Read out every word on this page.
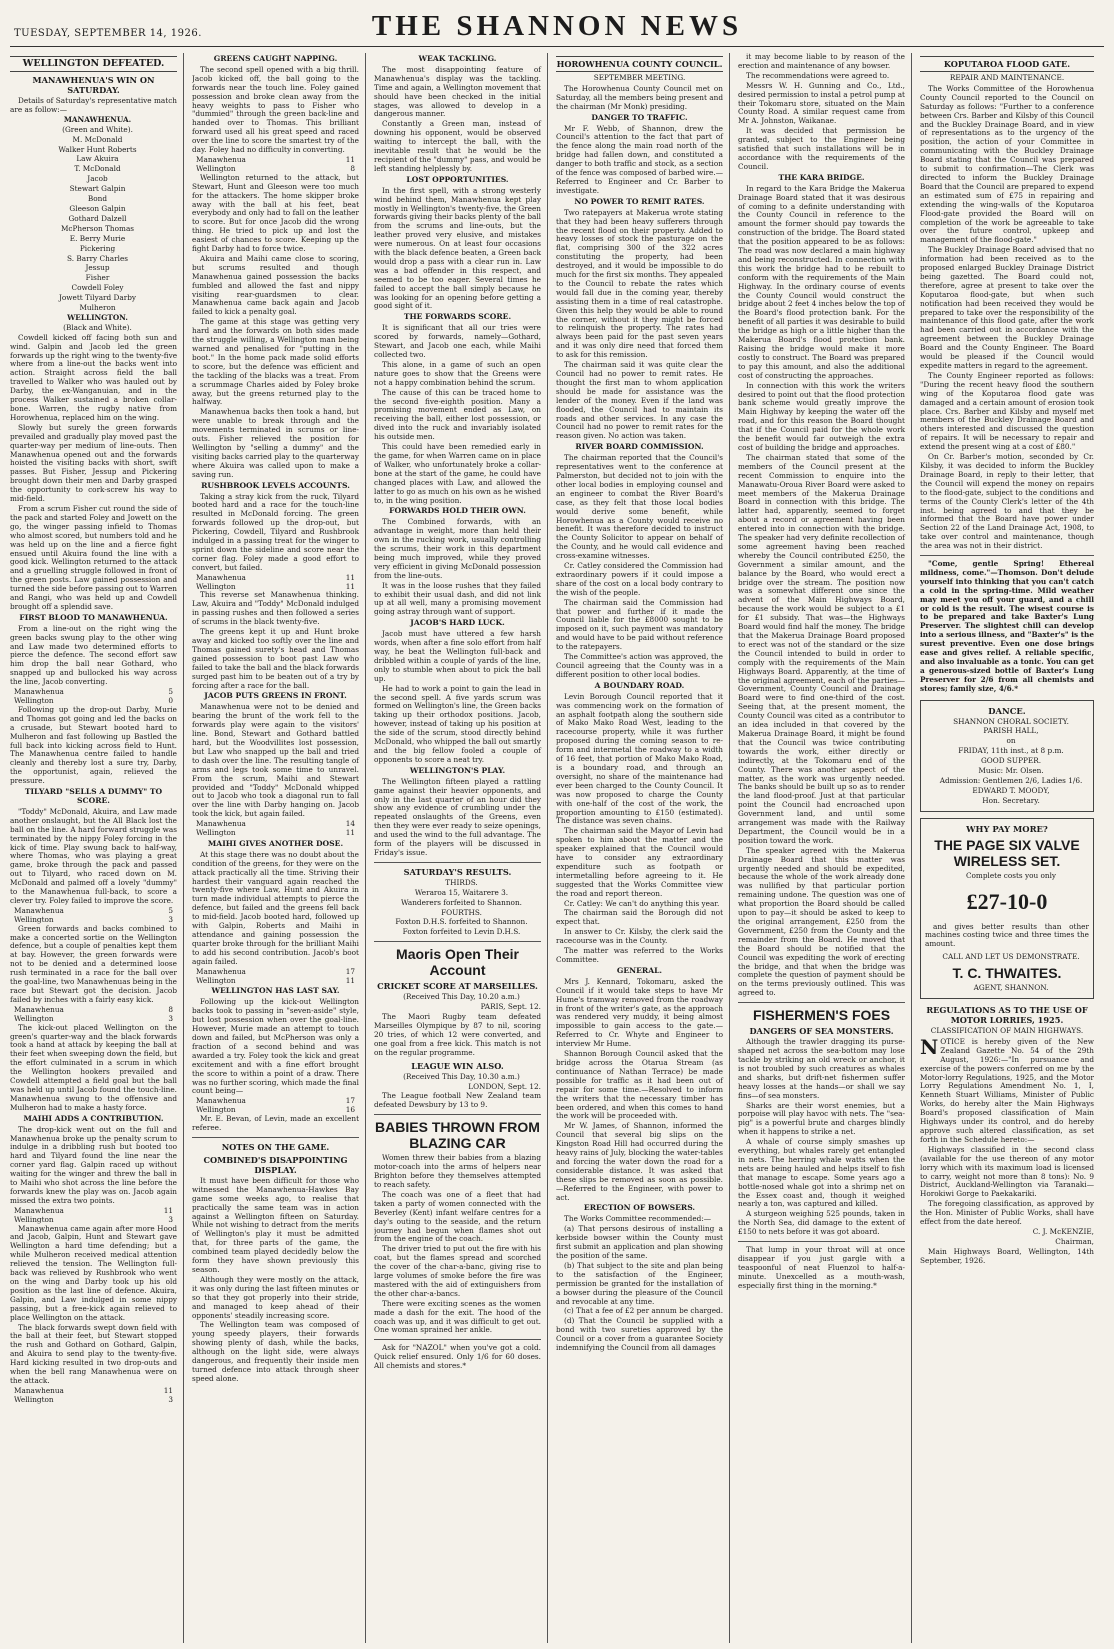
TUESDAY, SEPTEMBER 14, 1926.	THE SHANNON NEWS
WELLINGTON DEFEATED.
MANAWHENUA'S WIN ON SATURDAY.

Details of Saturday's representative match are as follow:—

MANAWHENUA.

(Green and White).

M. McDonald

Walker Hunt Roberts

Law Akuira

T. McDonald

Jacob

Stewart Galpin

Bond

Gleeson Galpin

Gothard Dalzell

McPherson Thomas

E. Berry Murie

Pickering

S. Barry Charles

Jessup

Fisher

Cowdell Foley

Jowett Tilyard Darby

Mulheron

WELLINGTON.

(Black and White).

Cowdell kicked off facing both sun and wind. Galpin and Jacob led the green forwards up the right wing to the twenty-five where from a line-out the backs went into action. Straight across field the ball travelled to Walker who was hauled out by Darby, the ex-Wanganuian, and in the process Walker sustained a broken collar-bone. Warren, the rugby native from Horowhenua, replaced him on the wing.

Slowly but surely the green forwards prevailed and gradually play moved past the quarter-way per medium of line-outs. Then Manawhenua opened out and the forwards hoisted the visiting backs with short, swift passes. But Fisher, Jessup and Pickering brought down their men and Darby grasped the opportunity to cork-screw his way to mid-field.

From a scrum Fisher cut round the side of the pack and started Foley and Jowett on the go, the winger passing infield to Thomas who almost scored, but numbers told and he was held up on the line and a fierce fight ensued until Akuira found the line with a good kick. Wellington returned to the attack and a gruelling struggle followed in front of the green posts. Law gained possession and turned the side before passing out to Warren and Rangi, who was held up and Cowdell brought off a splendid save.

FIRST BLOOD TO MANAWHENUA.

From a line-out on the right wing the green backs swung play to the other wing and Law made two determined efforts to pierce the defence. The second effort saw him drop the ball near Gothard, who snapped up and bullocked his way across the line, Jacob converting.

Manawhenua	5
Wellington	0

Following up the drop-out Darby, Murie and Thomas got going and led the backs on a crusade, but Stewart booted hard to Mulheron and fast following up Bastled the full back into kicking across field to Hunt. The Manawhenua centre failed to handle cleanly and thereby lost a sure try, Darby, the opportunist, again, relieved the pressure.

TILYARD "SELLS A DUMMY" TO SCORE.

"Toddy" McDonald, Akuira, and Law made another onslaught, but the All Black lost the ball on the line. A hard forward struggle was terminated by the nippy Foley forcing in the kick of time. Play swung back to half-way, where Thomas, who was playing a great game, broke through the pack and passed out to Tilyard, who raced down on M. McDonald and palmed off a lovely "dummy" to the Manawhenua full-back, to score a clever try. Foley failed to improve the score.

Manawhenua	5
Wellington	3

Green forwards and backs combined to make a concerted sortie on the Wellington defence, but a couple of penalties kept them at bay. However, the green forwards were not to be denied and a determined loose rush terminated in a race for the ball over the goal-line, two Manawhenuas being in the race but Stewart got the decision. Jacob failed by inches with a fairly easy kick.

Manawhenua	8
Wellington	3

The kick-out placed Wellington on the green's quarter-way and the black forwards took a hand at attack by keeping the ball at their feet when sweeping down the field, but the effort culminated in a scrum in which the Wellington hookers prevailed and Cowdell attempted a field goal but the ball was held up until Jacob found the touch-line. Manawhenua swung to the offensive and Mulheron had to make a hasty force.

MAIHI ADDS A CONTRIBUTION.

The drop-kick went out on the full and Manawhenua broke up the penalty scrum to indulge in a dribbling rush but booted too hard and Tilyard found the line near the corner yard flag. Galpin raced up without waiting for the winger and threw the ball in to Maihi who shot across the line before the forwards knew the play was on. Jacob again missed the extra two points.

Manawhenua	11
Wellington	3

Manawhenua came again after more Hood and Jacob, Galpin, Hunt and Stewart gave Wellington a hard time defending; but a while Mulheron received medical attention relieved the tension. The Wellington full-back was relieved by Rushbrook who went on the wing and Darby took up his old position as the last line of defence. Akuira, Galpin, and Law indulged in some nippy passing, but a free-kick again relieved to place Wellington on the attack.

The black forwards swept down field with the ball at their feet, but Stewart stopped the rush and Gothard on Gothard, Galpin, and Akuira to send play to the twenty-five. Hard kicking resulted in two drop-outs and when the bell rang Manawhenua were on the attack.

Manawhenua	11
Wellington	3
GREENS CAUGHT NAPPING.

The second spell opened with a big thrill. Jacob kicked off, the ball going to the forwards near the touch line. Foley gained possession and broke clean away from the heavy weights to pass to Fisher who "dummied" through the green back-line and handed over to Thomas. This brilliant forward used all his great speed and raced over the line to score the smartest try of the day. Foley had no difficulty in converting.

Manawhenua	11
Wellington	8

Wellington returned to the attack, but Stewart, Hunt and Gleeson were too much for the attackers. The home skipper broke away with the ball at his feet, beat everybody and only had to fall on the leather to score. But for once Jacob did the wrong thing. He tried to pick up and lost the easiest of chances to score. Keeping up the fight Darby had to force twice.

Akuira and Maihi came close to scoring, but scrums resulted and though Manawhenua gained possession the backs fumbled and allowed the fast and nippy visiting rear-guardsmen to clear. Manawhenua came back again and Jacob failed to kick a penalty goal.

The game at this stage was getting very hard and the forwards on both sides made the struggle willing, a Wellington man being warned and penalised for "putting in the boot." In the home pack made solid efforts to score, but the defence was efficient and the tackling of the blacks was a treat. From a scrummage Charles aided by Foley broke away, but the greens returned play to the halfway.

Manawhenua backs then took a hand, but were unable to break through and the movements terminated in scrums or line-outs. Fisher relieved the position for Wellington by "selling a dummy" and the visiting backs carried play to the quarterway where Akuira was called upon to make a saving run.

RUSHBROOK LEVELS ACCOUNTS.

Taking a stray kick from the ruck, Tilyard booted hard and a race for the touch-line resulted in McDonald forcing. The green forwards followed up the drop-out, but Pickering, Cowdell, Tilyard and Rushbrook indulged in a passing treat for the winger to sprint down the sideline and score near the corner flag. Foley made a good effort to convert, but failed.

Manawhenua	11
Wellington	11

This reverse set Manawhenua thinking. Law, Akuira and "Toddy" McDonald indulged in passing rushes and then followed a series of scrums in the black twenty-five.

The greens kept it up and Hunt broke away and kicked too softly over the line and Thomas gained surety's head and Thomas gained possession to boot past Law who failed to take the ball and the black forwards surged past him to be beaten out of a try by forcing after a race for the ball.

JACOB PUTS GREENS IN FRONT.

Manawhenua were not to be denied and bearing the brunt of the work fell to the forwards play were again to the visitors' line. Bond, Stewart and Gothard battled hard, but the Woodvillites lost possession, but Law who snapped up the ball and tried to dash over the line. The resulting tangle of arms and legs took some time to unravel. From the scrum, Maihi and Stewart provided and "Toddy" McDonald whipped out to Jacob who took a diagonal run to fall over the line with Darby hanging on. Jacob took the kick, but again failed.

Manawhenua	14
Wellington	11
MAIHI GIVES ANOTHER DOSE.

At this stage there was no doubt about the condition of the greens, for they were on the attack practically all the time. Striving their hardest their vanguard again reached the twenty-five where Law, Hunt and Akuira in turn made individual attempts to pierce the defence, but failed and the greens fell back to mid-field. Jacob booted hard, followed up with Galpin, Roberts and Maihi in attendance and gaining possession the quarter broke through for the brilliant Maihi to add his second contribution. Jacob's boot again failed.

Manawhenua	17
Wellington	11
WELLINGTON HAS LAST SAY.

Following up the kick-out Wellington backs took to passing in "seven-aside" style, but lost possession when over the goal-line. However, Murie made an attempt to touch down and failed, but McPherson was only a fraction of a second behind and was awarded a try. Foley took the kick and great excitement and with a fine effort brought the score to within a point of a draw. There was no further scoring, which made the final count being—

Manawhenua	17
Wellington	16

Mr. E. Bevan, of Levin, made an excellent referee.

NOTES ON THE GAME.
COMBINED'S DISAPPOINTING DISPLAY.

It must have been difficult for those who witnessed the Manawhenua-Hawkes Bay game some weeks ago, to realise that practically the same team was in action against a Wellington fifteen on Saturday. While not wishing to detract from the merits of Wellington's play it must be admitted that, for three parts of the game, the combined team played decidedly below the form they have shown previously this season.

Although they were mostly on the attack, it was only during the last fifteen minutes or so that they got properly into their stride, and managed to keep ahead of their opponents' steadily increasing score.

The Wellington team was composed of young speedy players, their forwards showing plenty of dash, while the backs, although on the light side, were always dangerous, and frequently their inside men turned defence into attack through sheer speed alone.

WEAK TACKLING.

The most disappointing feature of Manawhenua's display was the tackling. Time and again, a Wellington movement that should have been checked in the initial stages, was allowed to develop in a dangerous manner.

Constantly a Green man, instead of downing his opponent, would be observed waiting to intercept the ball, with the inevitable result that he would be the recipient of the "dummy" pass, and would be left standing helplessly by.

LOST OPPORTUNITIES.

In the first spell, with a strong westerly wind behind them, Manawhenua kept play mostly in Wellington's twenty-five, the Green forwards giving their backs plenty of the ball from the scrums and line-outs, but the leather proved very elusive, and mistakes were numerous. On at least four occasions with the black defence beaten, a Green back would drop a pass with a clear run in. Law was a bad offender in this respect, and seemed to be too eager. Several times he failed to accept the ball simply because he was looking for an opening before getting a good sight of it.

THE FORWARDS SCORE.

It is significant that all our tries were scored by forwards, namely—Gothard, Stewart, and Jacob one each, while Maihi collected two.

This alone, in a game of such an open nature goes to show that the Greens were not a happy combination behind the scrum.

The cause of this can be traced home to the second five-eighth position. Many a promising movement ended as Law, on receiving the ball, either lost possession, or dived into the ruck and invariably isolated his outside men.

This could have been remedied early in the game, for when Warren came on in place of Walker, who unfortunately broke a collar-bone at the start of the game, he could have changed places with Law, and allowed the latter to go as much on his own as he wished to, in the wing position.

FORWARDS HOLD THEIR OWN.

The Combined forwards, with an advantage in weight, more than held their own in the rucking work, usually controlling the scrums, their work in this department being much improved, while they proved very efficient in giving McDonald possession from the line-outs.

It was in the loose rushes that they failed to exhibit their usual dash, and did not link up at all well, many a promising movement going astray through want of support.

JACOB'S HARD LUCK.

Jacob must have uttered a few harsh words, when after a fine solo effort from half way, he beat the Wellington full-back and dribbled within a couple of yards of the line, only to stumble when about to pick the ball up.

He had to work a point to gain the lead in the second spell. A five yards scrum was formed on Wellington's line, the Green backs taking up their orthodox positions. Jacob, however, instead of taking up his position at the side of the scrum, stood directly behind McDonald, who whipped the ball out smartly and the big fellow fooled a couple of opponents to score a neat try.

WELLINGTON'S PLAY.

The Wellington fifteen played a rattling game against their heavier opponents, and only in the last quarter of an hour did they show any evidence of crumbling under the repeated onslaughts of the Greens, even then they were ever ready to seize openings, and used the wind to the full advantage. The form of the players will be discussed in Friday's issue.

SATURDAY'S RESULTS.

THIRDS.

Weraroa 15, Waitarere 3.

Wanderers forfeited to Shannon.

FOURTHS.

Foxton D.H.S. forfeited to Shannon.

Foxton forfeited to Levin D.H.S.

Maoris Open Their Account
CRICKET SCORE AT MARSEILLES.

(Received This Day, 10.20 a.m.)

PARIS, Sept. 12.

The Maori Rugby team defeated Marseilles Olympique by 87 to nil, scoring 20 tries, of which 12 were converted, and one goal from a free kick. This match is not on the regular programme.

LEAGUE WIN ALSO.

(Received This Day, 10.30 a.m.)

LONDON, Sept. 12.

The League football New Zealand team defeated Dewsbury by 13 to 9.

BABIES THROWN FROM BLAZING CAR

Women threw their babies from a blazing motor-coach into the arms of helpers near Brighton before they themselves attempted to reach safety.

The coach was one of a fleet that had taken a party of women connected with the Beverley (Kent) infant welfare centres for a day's outing to the seaside, and the return journey had begun when flames shot out from the engine of the coach.

The driver tried to put out the fire with his coat, but the flames spread and scorched the cover of the char-a-banc, giving rise to large volumes of smoke before the fire was mastered with the aid of extinguishers from the other char-a-bancs.

There were exciting scenes as the women made a dash for the exit. The hood of the coach was up, and it was difficult to get out. One woman sprained her ankle.

Ask for "NAZOL" when you've got a cold. Quick relief ensured. Only 1/6 for 60 doses. All chemists and stores.*

HOROWHENUA COUNTY COUNCIL.
SEPTEMBER MEETING.

The Horowhenua County Council met on Saturday, all the members being present and the chairman (Mr Monk) presiding.

DANGER TO TRAFFIC.

Mr F. Webb, of Shannon, drew the Council's attention to the fact that part of the fence along the main road north of the bridge had fallen down, and constituted a danger to both traffic and stock, as a section of the fence was composed of barbed wire.—Referred to Engineer and Cr. Barber to investigate.

NO POWER TO REMIT RATES.

Two ratepayers at Makerua wrote stating that they had been heavy sufferers through the recent flood on their property. Added to heavy losses of stock the pasturage on the flat, comprising 300 of the 322 acres constituting the property, had been destroyed, and it would be impossible to do much for the first six months. They appealed to the Council to rebate the rates which would fall due in the coming year, thereby assisting them in a time of real catastrophe. Given this help they would be able to round the corner, without it they might be forced to relinquish the property. The rates had always been paid for the past seven years and it was only dire need that forced them to ask for this remission.

The chairman said it was quite clear the Council had no power to remit rates. He thought the first man to whom application should be made for assistance was the lender of the money. Even if the land was flooded, the Council had to maintain its roads and other services. In any case the Council had no power to remit rates for the reason given. No action was taken.

RIVER BOARD COMMISSION.

The chairman reported that the Council's representatives went to the conference at Palmerston, but decided not to join with the other local bodies in employing counsel and an engineer to combat the River Board's case, as they felt that those local bodies would derive some benefit, while Horowhenua as a County would receive no benefit. It was therefore decided to instruct the County Solicitor to appear on behalf of the County, and he would call evidence and cross-examine witnesses.

Cr. Catley considered the Commission had extraordinary powers if it could impose a share of the cost on a local body contrary to the wish of the people.

The chairman said the Commission had that power and further if it made the Council liable for the £8000 sought to be imposed on it, such payment was mandatory and would have to be paid without reference to the ratepayers.

The Committee's action was approved, the Council agreeing that the County was in a different position to other local bodies.

A BOUNDARY ROAD.

Levin Borough Council reported that it was commencing work on the formation of an asphalt footpath along the southern side of Mako Mako Road West, leading to the racecourse property, while it was further proposed during the coming season to re-form and intermetal the roadway to a width of 16 feet, that portion of Mako Mako Road, is a boundary road, and through an oversight, no share of the maintenance had ever been charged to the County Council. It was now proposed to charge the County with one-half of the cost of the work, the proportion amounting to £150 (estimated). The distance was seven chains.

The chairman said the Mayor of Levin had spoken to him about the matter and the speaker explained that the Council would have to consider any extraordinary expenditure such as footpath or intermetalling before agreeing to it. He suggested that the Works Committee view the road and report thereon.

Cr. Catley: We can't do anything this year.

The chairman said the Borough did not expect that.

In answer to Cr. Kilsby, the clerk said the racecourse was in the County.

The matter was referred to the Works Committee.

GENERAL.

Mrs J. Kennard, Tokomaru, asked the Council if it would take steps to have Mr Hume's tramway removed from the roadway in front of the writer's gate, as the approach was rendered very muddy, it being almost impossible to gain access to the gate.—Referred to Cr. Whyte and Engineer to interview Mr Hume.

Shannon Borough Council asked that the bridge across the Otarua Stream (as continuance of Nathan Terrace) be made possible for traffic as it had been out of repair for some time.—Resolved to inform the writers that the necessary timber has been ordered, and when this comes to hand the work will be proceeded with.

Mr W. James, of Shannon, informed the Council that several big slips on the Kingston Road Hill had occurred during the heavy rains of July, blocking the water-tables and forcing the water down the road for a considerable distance. It was asked that these slips be removed as soon as possible.—Referred to the Engineer, with power to act.

ERECTION OF BOWSERS.

The Works Committee recommended:—

(a) That persons desirous of installing a kerbside bowser within the County must first submit an application and plan showing the position of the same.

(b) That subject to the site and plan being to the satisfaction of the Engineer, permission be granted for the installation of a bowser during the pleasure of the Council and revocable at any time.

(c) That a fee of £2 per annum be charged.

(d) That the Council be supplied with a bond with two sureties approved by the Council or a cover from a guarantee Society indemnifying the Council from all damages

it may become liable to by reason of the erection and maintenance of any bowser.

The recommendations were agreed to.

Messrs W. H. Gunning and Co., Ltd., desired permission to instal a petrol pump at their Tokomaru store, situated on the Main County Road. A similar request came from Mr A. Johnston, Waikanae.

It was decided that permission be granted, subject to the Engineer being satisfied that such installations will be in accordance with the requirements of the Council.

THE KARA BRIDGE.

In regard to the Kara Bridge the Makerua Drainage Board stated that it was desirous of coming to a definite understanding with the County Council in reference to the amount the former should pay towards the construction of the bridge. The Board stated that the position appeared to be as follows: The road was now declared a main highway and being reconstructed. In connection with this work the bridge had to be rebuilt to conform with the requirements of the Main Highway. In the ordinary course of events the County Council would construct the bridge about 2 feet 4 inches below the top of the Board's flood protection bank. For the benefit of all parties it was desirable to build the bridge as high or a little higher than the Makerua Board's flood protection bank. Raising the bridge would make it more costly to construct. The Board was prepared to pay this amount, and also the additional cost of constructing the approaches.

In connection with this work the writers desired to point out that the flood protection bank scheme would greatly improve the Main Highway by keeping the water off the road, and for this reason the Board thought that if the Council paid for the whole work the benefit would far outweigh the extra cost of building the bridge and approaches.

The chairman stated that some of the members of the Council present at the recent Commission to enquire into the Manawatu-Oroua River Board were asked to meet members of the Makerua Drainage Board in connection with this bridge. The latter had, apparently, seemed to forget about a record or agreement having been entered into in connection with the bridge. The speaker had very definite recollection of some agreement having been reached whereby the Council contributed £250, the Government a similar amount, and the balance by the Board, who would erect a bridge over the stream. The position now was a somewhat different one since the advent of the Main Highways Board, because the work would be subject to a £1 for £1 subsidy. That was—the Highways Board would find half the money. The bridge that the Makerua Drainage Board proposed to erect was not of the standard or the size the Council intended to build in order to comply with the requirements of the Main Highways Board. Apparently, at the time of the original agreement, each of the parties—Government, County Council and Drainage Board were to find one-third of the cost. Seeing that, at the present moment, the County Council was cited as a contributor to an idea included in that covered by the Makerua Drainage Board, it might be found that the Council was twice contributing towards the work, either directly or indirectly, at the Tokomaru end of the County. There was another aspect of the matter, as the work was urgently needed. The banks should be built up so as to render the land flood-proof. Just at that particular point the Council had encroached upon Government land, and until some arrangement was made with the Railway Department, the Council would be in a position toward the work.

The speaker agreed with the Makerua Drainage Board that this matter was urgently needed and should be expedited, because the whole of the work already done was nullified by that particular portion remaining undone. The question was one of what proportion the Board should be called upon to pay—it should be asked to keep to the original arrangement, £250 from the Government, £250 from the County and the remainder from the Board. He moved that the Board should be notified that the Council was expediting the work of erecting the bridge, and that when the bridge was complete the question of payment should be on the terms previously outlined. This was agreed to.

FISHERMEN'S FOES
DANGERS OF SEA MONSTERS.

Although the trawler dragging its purse-shaped net across the sea-bottom may lose tackle by striking an old wreck or anchor, it is not troubled by such creatures as whales and sharks, but drift-net fishermen suffer heavy losses at the hands—or shall we say fins—of sea monsters.

Sharks are their worst enemies, but a porpoise will play havoc with nets. The "sea-pig" is a powerful brute and charges blindly when it happens to strike a net.

A whale of course simply smashes up everything, but whales rarely get entangled in nets. The herring whale watts when the nets are being hauled and helps itself to fish that manage to escape. Some years ago a bottle-nosed whale got into a shrimp net on the Essex coast and, though it weighed nearly a ton, was captured and killed.

A sturgeon weighing 525 pounds, taken in the North Sea, did damage to the extent of £150 to nets before it was got aboard.

That lump in your throat will at once disappear if you just gargle with a teaspoonful of neat Fluenzol to half-a-minute. Unexcelled as a mouth-wash, especially first thing in the morning.*

KOPUTAROA FLOOD GATE.
REPAIR AND MAINTENANCE.

The Works Committee of the Horowhenua County Council reported to the Council on Saturday as follows: "Further to a conference between Crs. Barber and Kilsby of this Council and the Buckley Drainage Board, and in view of representations as to the urgency of the position, the action of your Committee in communicating with the Buckley Drainage Board stating that the Council was prepared to submit to confirmation—The Clerk was directed to inform the Buckley Drainage Board that the Council are prepared to expend an estimated sum of £75 in repairing and extending the wing-walls of the Koputaroa Flood-gate provided the Board will on completion of the work be agreeable to take over the future control, upkeep and management of the flood-gate."

The Buckley Drainage Board advised that no information had been received as to the proposed enlarged Buckley Drainage District being gazetted. The Board could not, therefore, agree at present to take over the Koputaroa flood-gate, but when such notification had been received they would be prepared to take over the responsibility of the maintenance of this flood gate, after the work had been carried out in accordance with the agreement between the Buckley Drainage Board and the County Engineer. The Board would be pleased if the Council would expedite matters in regard to the agreement.

The County Engineer reported as follows: "During the recent heavy flood the southern wing of the Koputaroa flood gate was damaged and a certain amount of erosion took place. Crs. Barber and Kilsby and myself met members of the Buckley Drainage Board and others interested and discussed the question of repairs. It will be necessary to repair and extend the present wing at a cost of £80."

On Cr. Barber's motion, seconded by Cr. Kilsby, it was decided to inform the Buckley Drainage Board, in reply to their letter, that the Council will expend the money on repairs to the flood-gate, subject to the conditions and terms of the County Clerk's letter of the 4th inst. being agreed to and that they be informed that the Board have power under Section 22 of the Land Drainage Act, 1908, to take over control and maintenance, though the area was not in their district.

"Come, gentle Spring! Ethereal mildness, come."—Thomson. Don't delude yourself into thinking that you can't catch a cold in the spring-time. Mild weather may meet you off your guard, and a chill or cold is the result. The wisest course is to be prepared and take Baxter's Lung Preserver. The slightest chill can develop into a serious illness, and "Baxter's" is the surest preventive. Even one dose brings ease and gives relief. A reliable specific, and also invaluable as a tonic. You can get a generous-sized bottle of Baxter's Lung Preserver for 2/6 from all chemists and stores; family size, 4/6.*

DANCE.

SHANNON CHORAL SOCIETY.

PARISH HALL,

on

FRIDAY, 11th inst., at 8 p.m.

GOOD SUPPER.

Music: Mr. Olsen.

Admission: Gentlemen 2/6, Ladies 1/6.

EDWARD T. MOODY,

Hon. Secretary.

WHY PAY MORE?
THE PAGE SIX VALVE WIRELESS SET.

Complete costs you only

£27-10-0

and gives better results than other machines costing twice and three times the amount.

CALL AND LET US DEMONSTRATE.

T. C. THWAITES.

AGENT, SHANNON.

REGULATIONS AS TO THE USE OF MOTOR LORRIES, 1925.
CLASSIFICATION OF MAIN HIGHWAYS.

NOTICE is hereby given of the New Zealand Gazette No. 54 of the 29th August, 1926:—"In pursuance and exercise of the powers conferred on me by the Motor-lorry Regulations, 1925, and the Motor Lorry Regulations Amendment No. 1, I, Kenneth Stuart Williams, Minister of Public Works, do hereby alter the Main Highways Board's proposed classification of Main Highways under its control, and do hereby approve such altered classification, as set forth in the Schedule hereto:—

Highways classified in the second class (available for the use thereon of any motor lorry which with its maximum load is licensed to carry, weight not more than 8 tons): No. 9 District, Auckland-Wellington via Taranaki—Horokiwi Gorge to Paekakariki.

The foregoing classification, as approved by the Hon. Minister of Public Works, shall have effect from the date hereof.

C. J. McKENZIE,

Chairman,

Main Highways Board, Wellington, 14th September, 1926.
